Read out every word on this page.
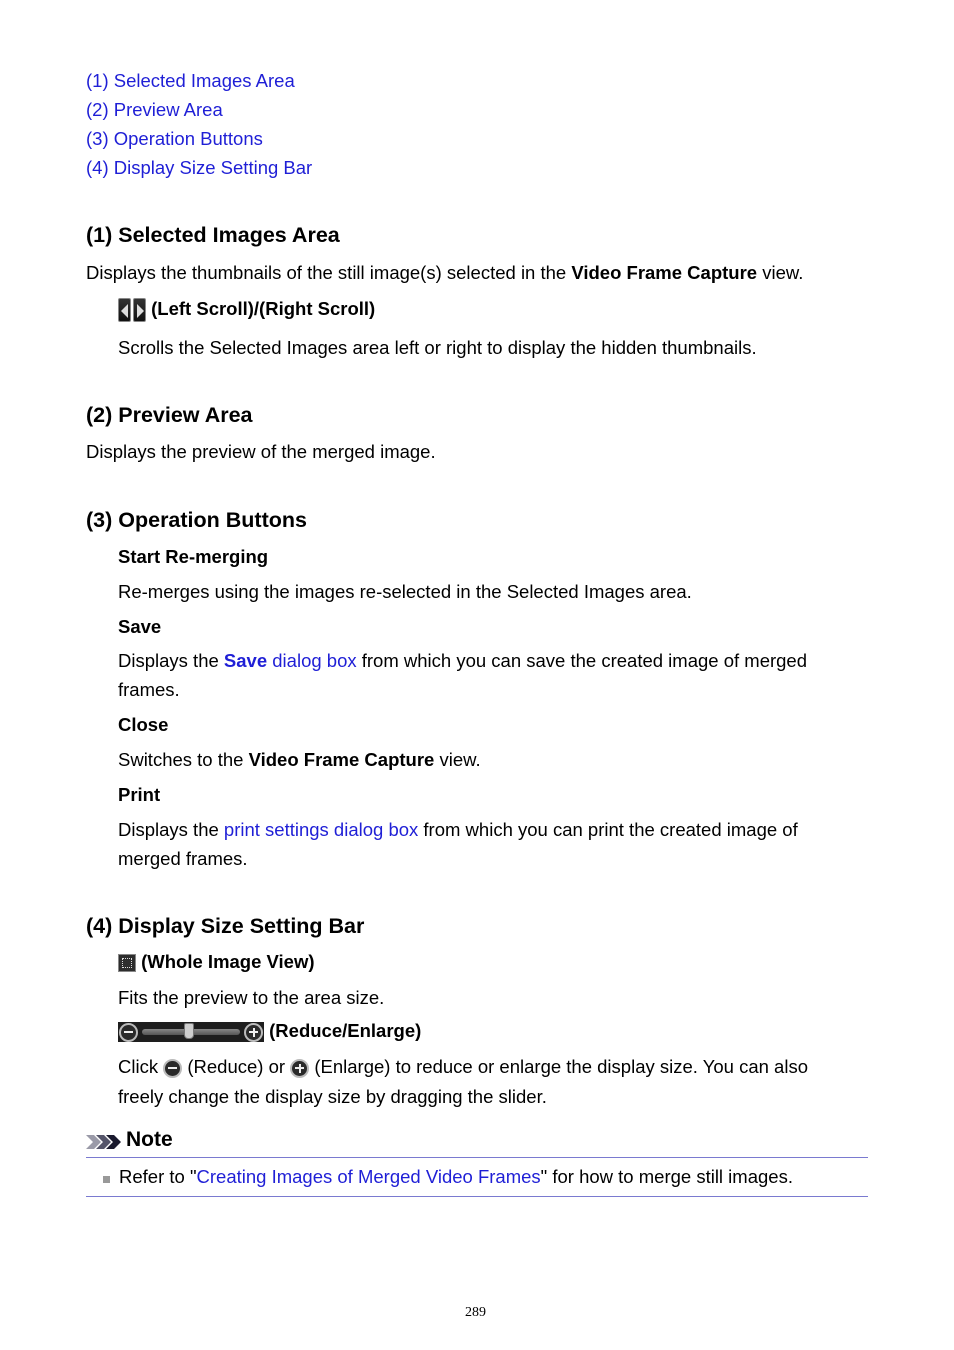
(1) Selected Images Area
(2) Preview Area
(3) Operation Buttons
(4) Display Size Setting Bar
(1) Selected Images Area
Displays the thumbnails of the still image(s) selected in the Video Frame Capture view.
(Left Scroll)/(Right Scroll)
Scrolls the Selected Images area left or right to display the hidden thumbnails.
(2) Preview Area
Displays the preview of the merged image.
(3) Operation Buttons
Start Re-merging
Re-merges using the images re-selected in the Selected Images area.
Save
Displays the Save dialog box from which you can save the created image of merged
frames.
Close
Switches to the Video Frame Capture view.
Print
Displays the print settings dialog box from which you can print the created image of
merged frames.
(4) Display Size Setting Bar
(Whole Image View)
Fits the preview to the area size.
(Reduce/Enlarge)
Click
(Reduce) or
(Enlarge) to reduce or enlarge the display size. You can also
freely change the display size by dragging the slider.
Note
Refer to "Creating Images of Merged Video Frames" for how to merge still images.
289
